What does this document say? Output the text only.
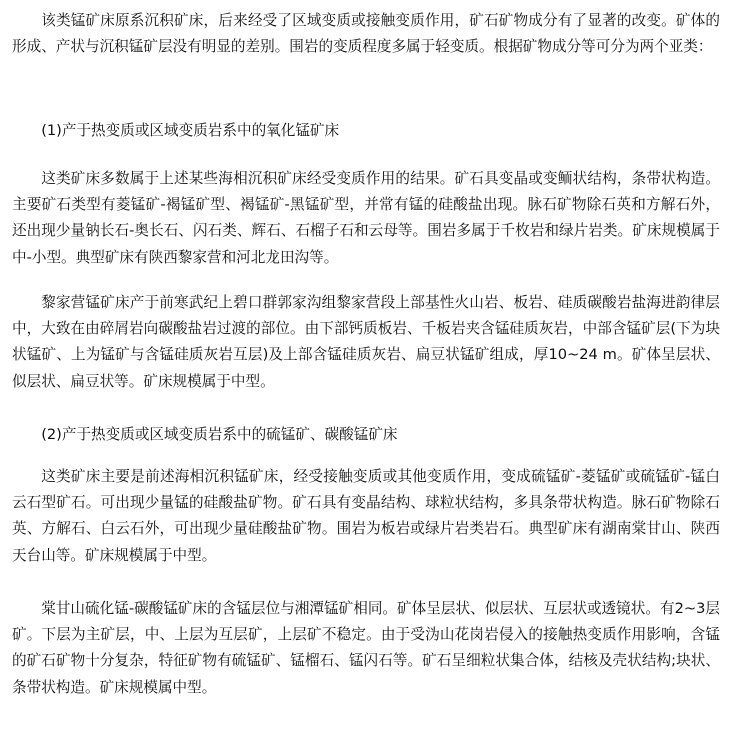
该类锰矿床原系沉积矿床，后来经受了区域变质或接触变质作用，矿石矿物成分有了显著的改变。矿体的形成、产状与沉积锰矿层没有明显的差别。围岩的变质程度多属于轻变质。根据矿物成分等可分为两个亚类：

(1)产于热变质或区域变质岩系中的氧化锰矿床

这类矿床多数属于上述某些海相沉积矿床经受变质作用的结果。矿石具变晶或变鲕状结构，条带状构造。主要矿石类型有菱锰矿-褐锰矿型、褐锰矿-黑锰矿型，并常有锰的硅酸盐出现。脉石矿物除石英和方解石外，还出现少量钠长石-奥长石、闪石类、辉石、石榴子石和云母等。围岩多属于千枚岩和绿片岩类。矿床规模属于中-小型。典型矿床有陕西黎家营和河北龙田沟等。

黎家营锰矿床产于前寒武纪上碧口群郭家沟组黎家营段上部基性火山岩、板岩、硅质碳酸岩盐海进韵律层中，大致在由碎屑岩向碳酸盐岩过渡的部位。由下部钙质板岩、千板岩夹含锰硅质灰岩，中部含锰矿层(下为块状锰矿、上为锰矿与含锰硅质灰岩互层)及上部含锰硅质灰岩、扁豆状锰矿组成，厚10~24 m。矿体呈层状、似层状、扁豆状等。矿床规模属于中型。

(2)产于热变质或区域变质岩系中的硫锰矿、碳酸锰矿床

这类矿床主要是前述海相沉积锰矿床，经受接触变质或其他变质作用，变成硫锰矿-菱锰矿或硫锰矿-锰白云石型矿石。可出现少量锰的硅酸盐矿物。矿石具有变晶结构、球粒状结构，多具条带状构造。脉石矿物除石英、方解石、白云石外，可出现少量硅酸盐矿物。围岩为板岩或绿片岩类岩石。典型矿床有湖南棠甘山、陕西天台山等。矿床规模属于中型。

棠甘山硫化锰-碳酸锰矿床的含锰层位与湘潭锰矿相同。矿体呈层状、似层状、互层状或透镜状。有2~3层矿。下层为主矿层，中、上层为互层矿，上层矿不稳定。由于受沩山花岗岩侵入的接触热变质作用影响，含锰的矿石矿物十分复杂，特征矿物有硫锰矿、锰榴石、锰闪石等。矿石呈细粒状集合体，结核及壳状结构;块状、条带状构造。矿床规模属中型。
